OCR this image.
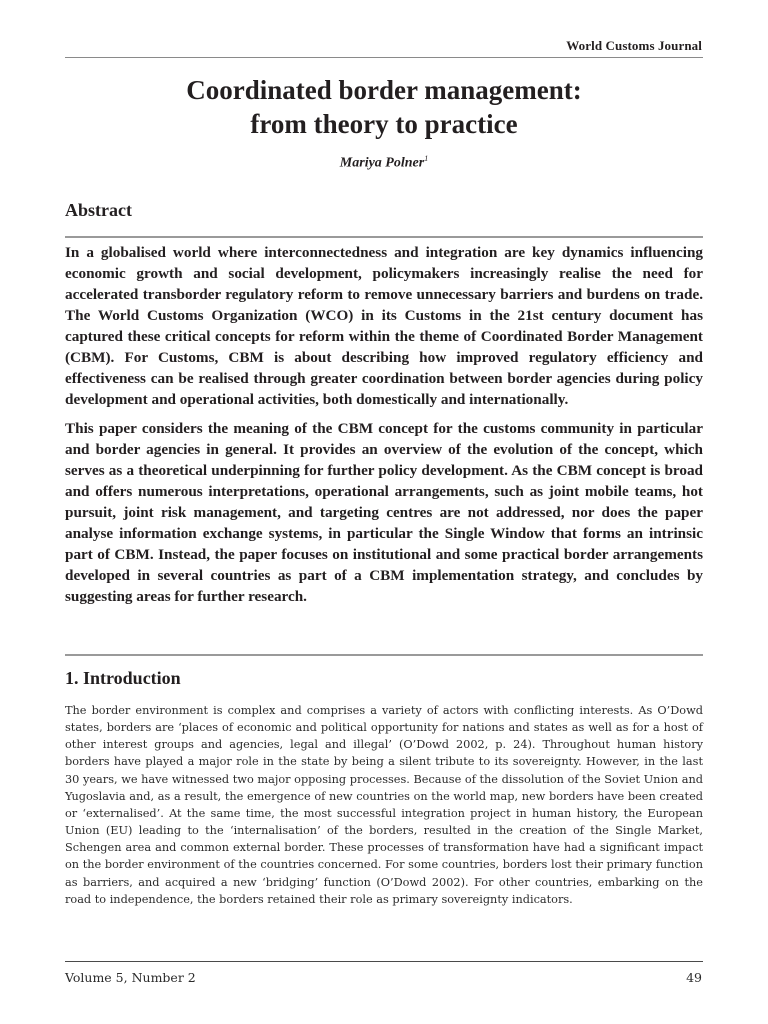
World Customs Journal
Coordinated border management:
from theory to practice
Mariya Polner$^1$
Abstract

In a globalised world where interconnectedness and integration are key dynamics influencing economic growth and social development, policymakers increasingly realise the need for accelerated transborder regulatory reform to remove unnecessary barriers and burdens on trade. The World Customs Organization (WCO) in its Customs in the 21st century document has captured these critical concepts for reform within the theme of Coordinated Border Management (CBM). For Customs, CBM is about describing how improved regulatory efficiency and effectiveness can be realised through greater coordination between border agencies during policy development and operational activities, both domestically and internationally.

This paper considers the meaning of the CBM concept for the customs community in particular and border agencies in general. It provides an overview of the evolution of the concept, which serves as a theoretical underpinning for further policy development. As the CBM concept is broad and offers numerous interpretations, operational arrangements, such as joint mobile teams, hot pursuit, joint risk management, and targeting centres are not addressed, nor does the paper analyse information exchange systems, in particular the Single Window that forms an intrinsic part of CBM. Instead, the paper focuses on institutional and some practical border arrangements developed in several countries as part of a CBM implementation strategy, and concludes by suggesting areas for further research.

1. Introduction

The border environment is complex and comprises a variety of actors with conflicting interests. As O’Dowd states, borders are ‘places of economic and political opportunity for nations and states as well as for a host of other interest groups and agencies, legal and illegal’ (O’Dowd 2002, p. 24). Throughout human history borders have played a major role in the state by being a silent tribute to its sovereignty. However, in the last 30 years, we have witnessed two major opposing processes. Because of the dissolution of the Soviet Union and Yugoslavia and, as a result, the emergence of new countries on the world map, new borders have been created or ‘externalised’. At the same time, the most successful integration project in human history, the European Union (EU) leading to the ‘internalisation’ of the borders, resulted in the creation of the Single Market, Schengen area and common external border. These processes of transformation have had a significant impact on the border environment of the countries concerned. For some countries, borders lost their primary function as barriers, and acquired a new ‘bridging’ function (O’Dowd 2002). For other countries, embarking on the road to independence, the borders retained their role as primary sovereignty indicators.

Volume 5, Number 2	49
